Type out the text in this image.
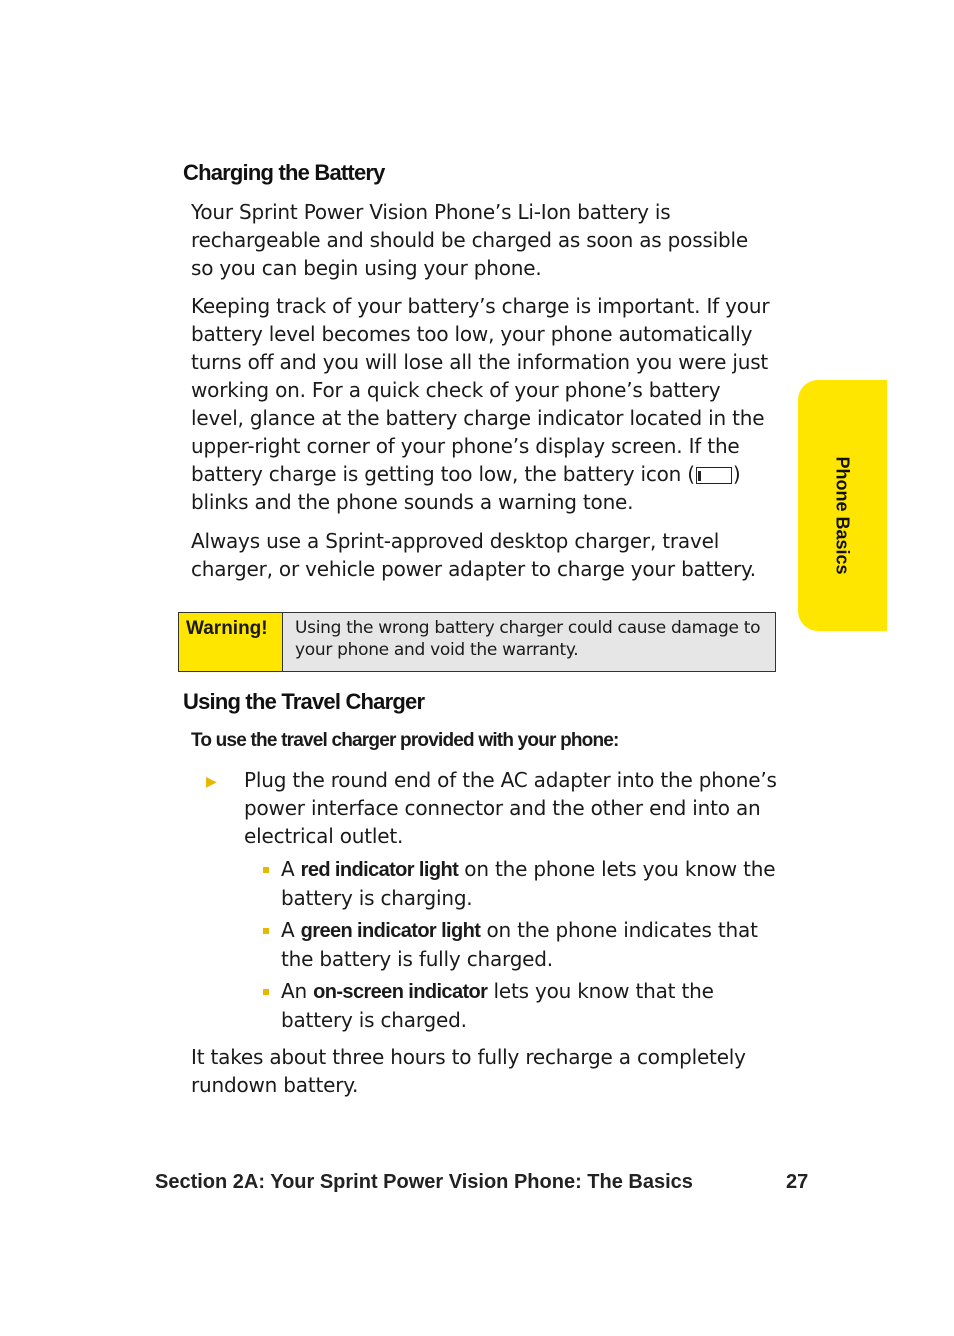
Phone Basics
Charging the Battery

Your Sprint Power Vision Phone’s Li-Ion battery is rechargeable and should be charged as soon as possible so you can begin using your phone.

Keeping track of your battery’s charge is important. If your battery level becomes too low, your phone automatically turns off and you will lose all the information you were just working on. For a quick check of your phone’s battery level, glance at the battery charge indicator located in the upper-right corner of your phone’s display screen. If the battery charge is getting too low, the battery icon ( ) blinks and the phone sounds a warning tone.

Always use a Sprint-approved desktop charger, travel charger, or vehicle power adapter to charge your battery.

Warning!	Using the wrong battery charger could cause damage to your phone and void the warranty.
Using the Travel Charger
To use the travel charger provided with your phone:
▶ Plug the round end of the AC adapter into the phone’s power interface connector and the other end into an electrical outlet.

A red indicator light on the phone lets you know the battery is charging.

A green indicator light on the phone indicates that the battery is fully charged.

An on-screen indicator lets you know that the battery is charged.

It takes about three hours to fully recharge a completely rundown battery.

Section 2A: Your Sprint Power Vision Phone: The Basics	27
